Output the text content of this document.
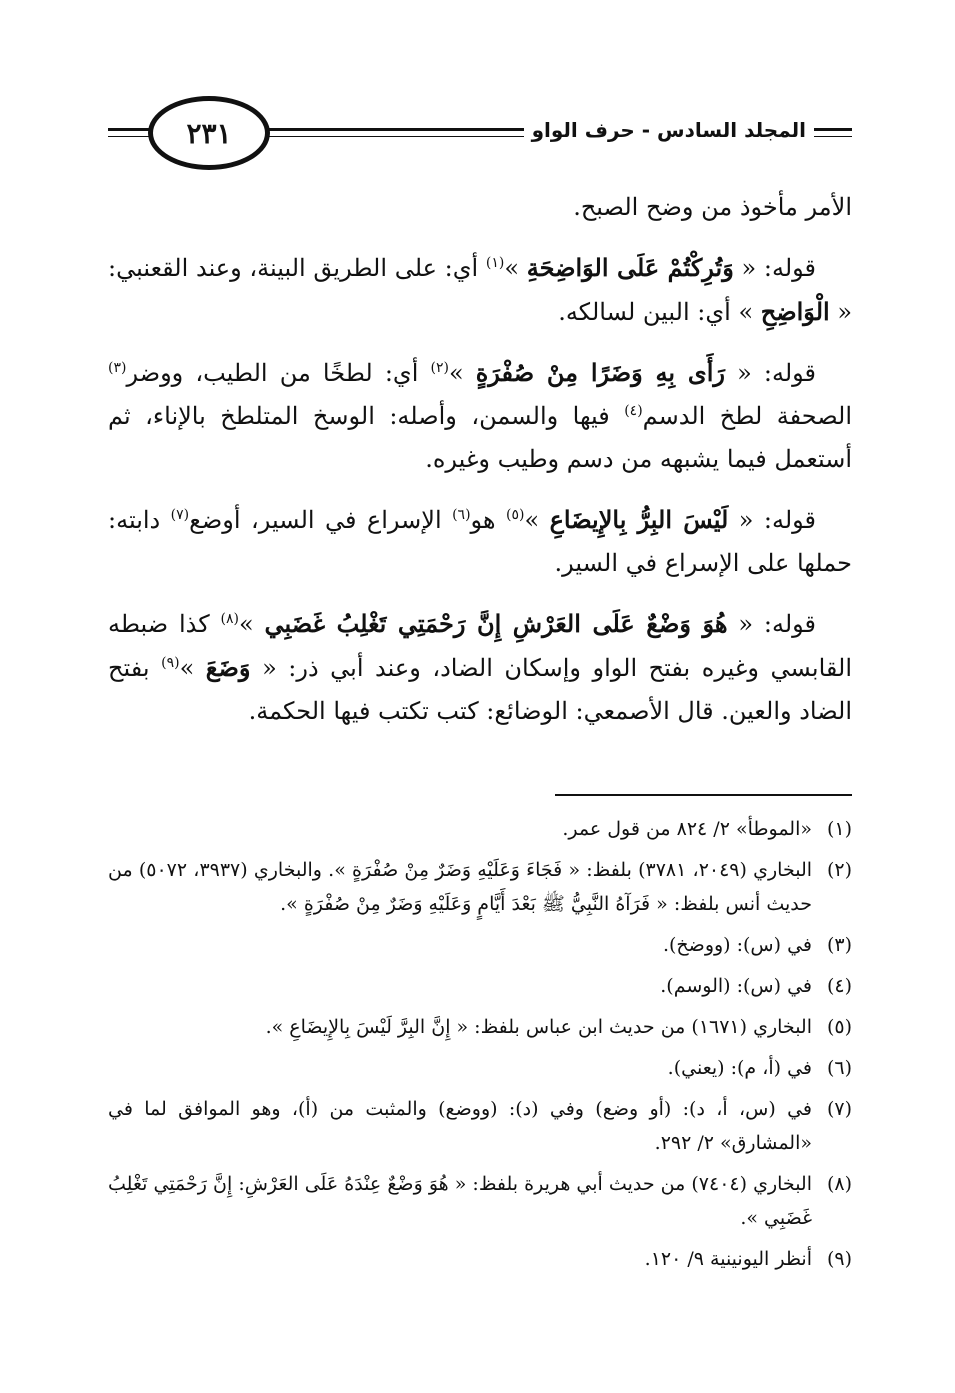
٢٣١	المجلد السادس - حرف الواو

الأمر مأخوذ من وضح الصبح.

قوله: « وَتُرِكْتُمْ عَلَى الوَاضِحَةِ »$^{(١)}$ أي: على الطريق البينة، وعند القعنبي: « الْوَاضِحِ » أي: البين لسالكه.

قوله: « رَأَى بِهِ وَضَرًا مِنْ صُفْرَةٍ »$^{(٢)}$ أي: لطخًا من الطيب، ووضر$^{(٣)}$ الصحفة لطخ الدسم$^{(٤)}$ فيها والسمن، وأصله: الوسخ المتلطخ بالإناء، ثم أستعمل فيما يشبهه من دسم وطيب وغيره.

قوله: « لَيْسَ البِرُّ بِالإِيضَاعِ »$^{(٥)}$ هو$^{(٦)}$ الإسراع في السير، أوضع$^{(٧)}$ دابته: حملها على الإسراع في السير.

قوله: « هُوَ وَضْعٌ عَلَى العَرْشِ إِنَّ رَحْمَتِي تَغْلِبُ غَضَبِي »$^{(٨)}$ كذا ضبطه القابسي وغيره بفتح الواو وإسكان الضاد، وعند أبي ذر: « وَضَعَ »$^{(٩)}$ بفتح الضاد والعين. قال الأصمعي: الوضائع: كتب تكتب فيها الحكمة.

(١)
«الموطأ» ٢/ ٨٢٤ من قول عمر.
(٢)
البخاري (٢٠٤٩، ٣٧٨١) بلفظ: « فَجَاءَ وَعَلَيْهِ وَضَرٌ مِنْ صُفْرَةٍ ». والبخاري (٣٩٣٧، ٥٠٧٢) من حديث أنس بلفظ: « فَرَآهُ النَّبِيُّ ﷺ بَعْدَ أَيَّامٍ وَعَلَيْهِ وَضَرٌ مِنْ صُفْرَةٍ ».
(٣)
في (س): (ووضخ).
(٤)
في (س): (الوسم).
(٥)
البخاري (١٦٧١) من حديث ابن عباس بلفظ: « إِنَّ البِرَّ لَيْسَ بِالإِيضَاعِ ».
(٦)
في (أ، م): (يعني).
(٧)
في (س، أ، د): (أو وضع) وفي (د): (ووضع) والمثبت من (أ)، وهو الموافق لما في «المشارق» ٢/ ٢٩٢.
(٨)
البخاري (٧٤٠٤) من حديث أبي هريرة بلفظ: « هُوَ وَضْعٌ عِنْدَهُ عَلَى العَرْشِ: إِنَّ رَحْمَتِي تَغْلِبُ غَضَبِي ».
(٩)
أنظر اليونينية ٩/ ١٢٠.
